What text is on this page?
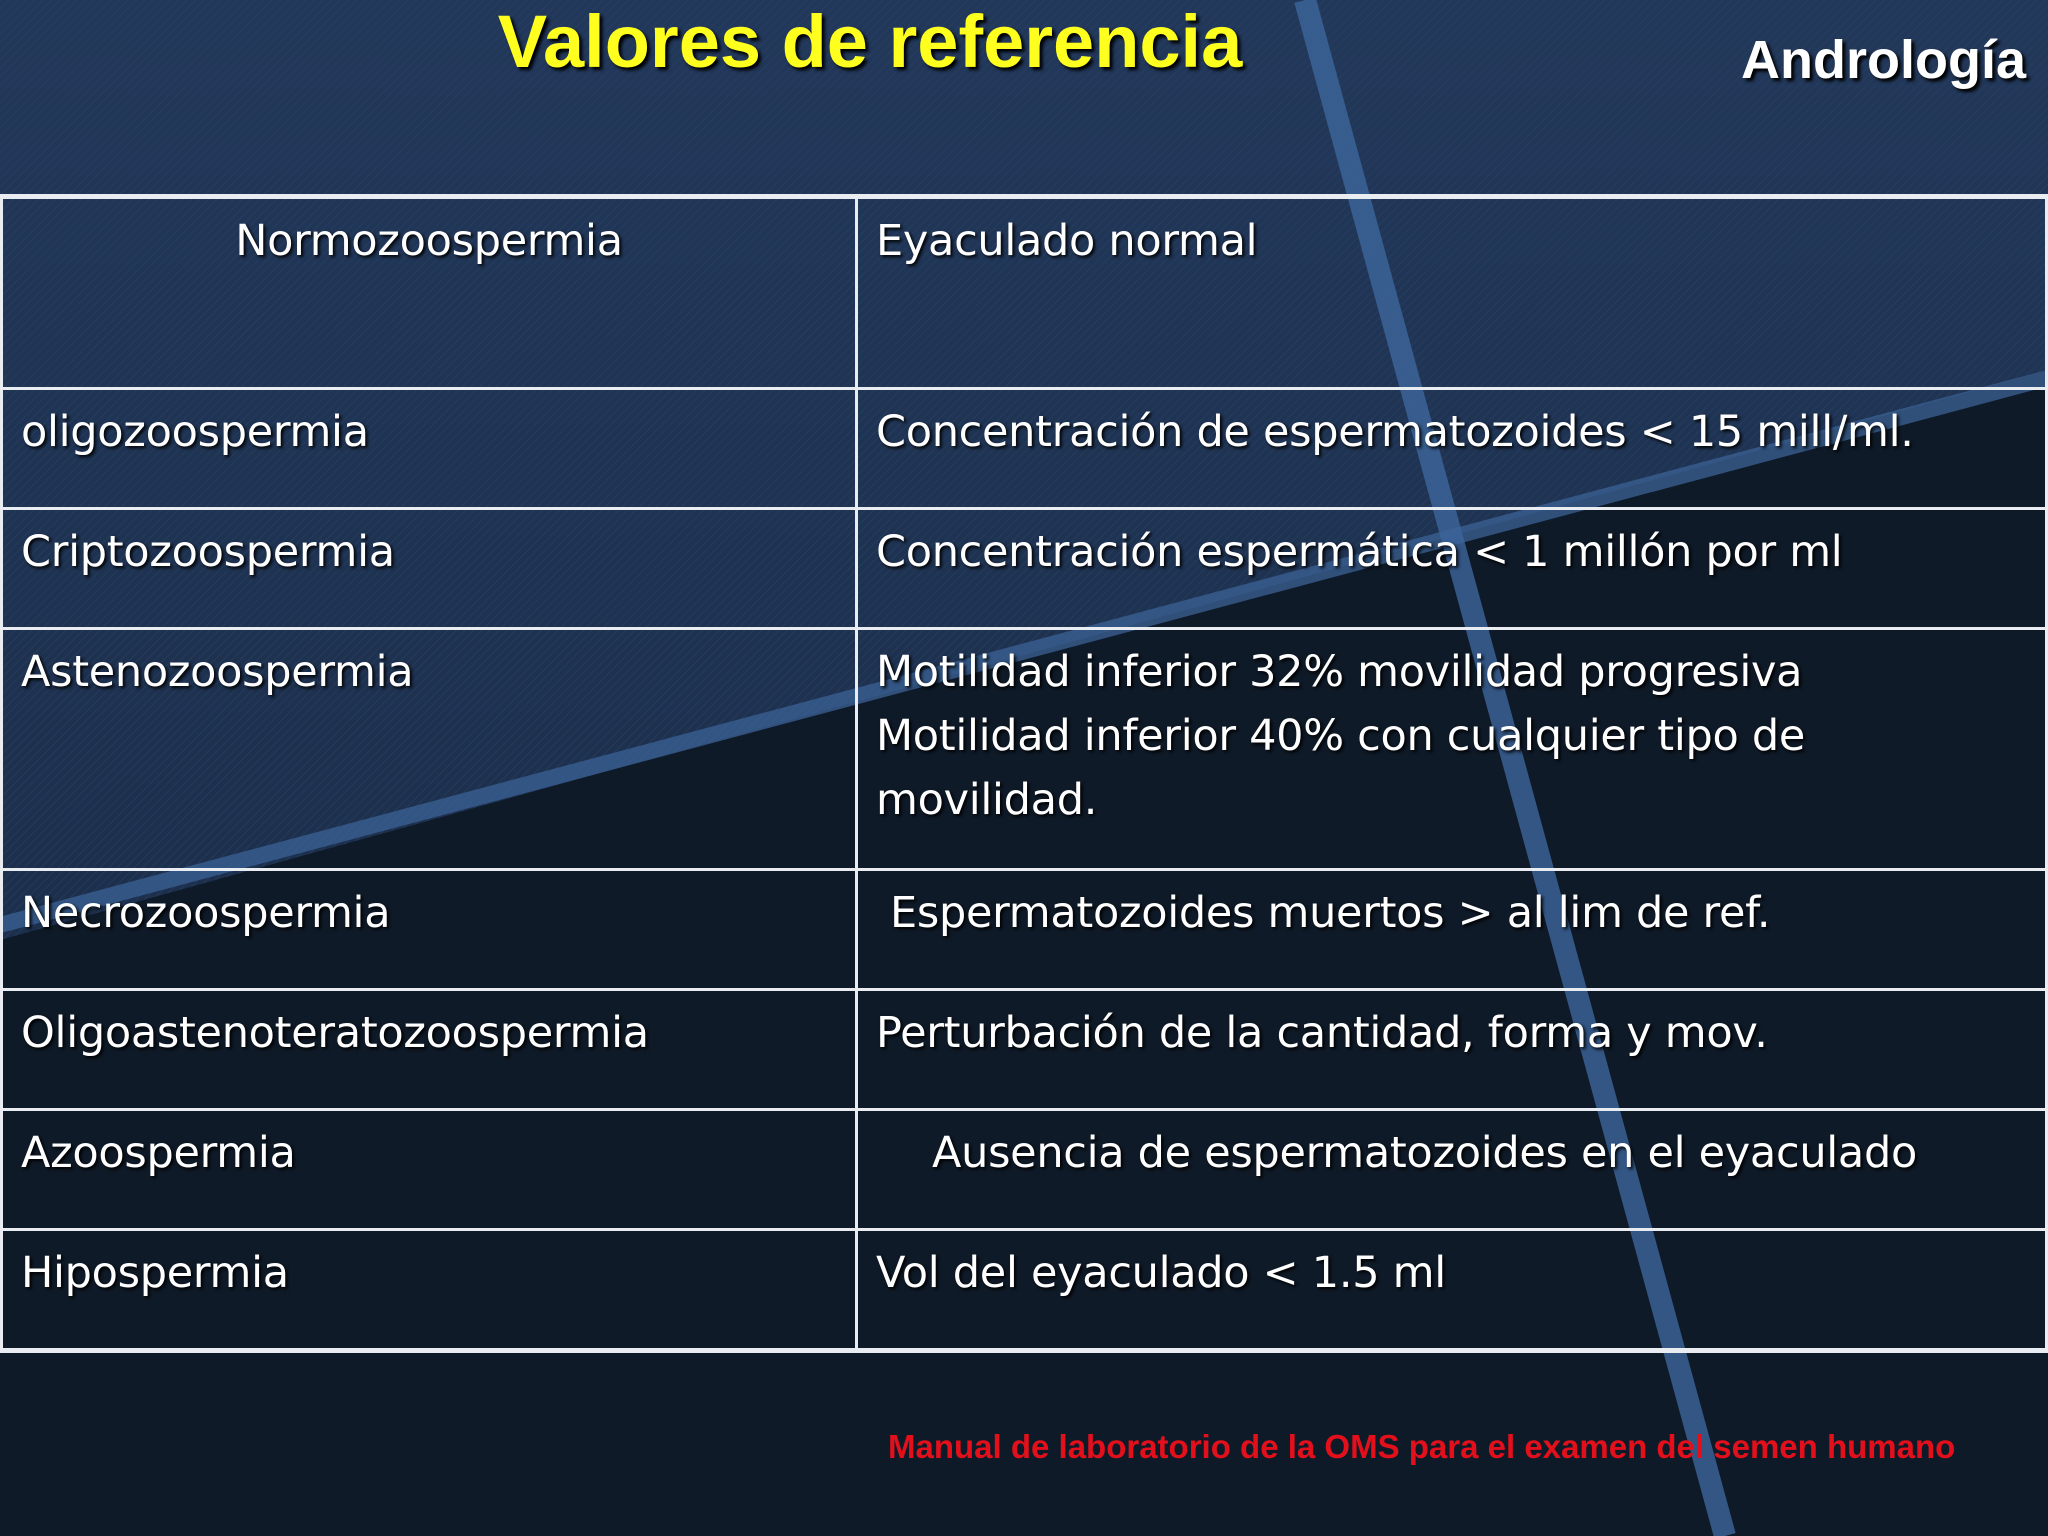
Valores de referencia	Andrología
Normozoospermia	Eyaculado normal

oligozoospermia	Concentración de espermatozoides < 15 mill/ml.

Criptozoospermia	Concentración espermática < 1 millón por ml

Astenozoospermia	Motilidad inferior 32% movilidad progresiva
Motilidad inferior 40% con cualquier tipo de movilidad.

Necrozoospermia	Espermatozoides muertos > al lim de ref.

Oligoastenoteratozoospermia	Perturbación de la cantidad, forma y mov.

Azoospermia	Ausencia de espermatozoides en el eyaculado

Hipospermia	Vol del eyaculado < 1.5 ml
Manual de laboratorio de la OMS para el examen del semen humano
